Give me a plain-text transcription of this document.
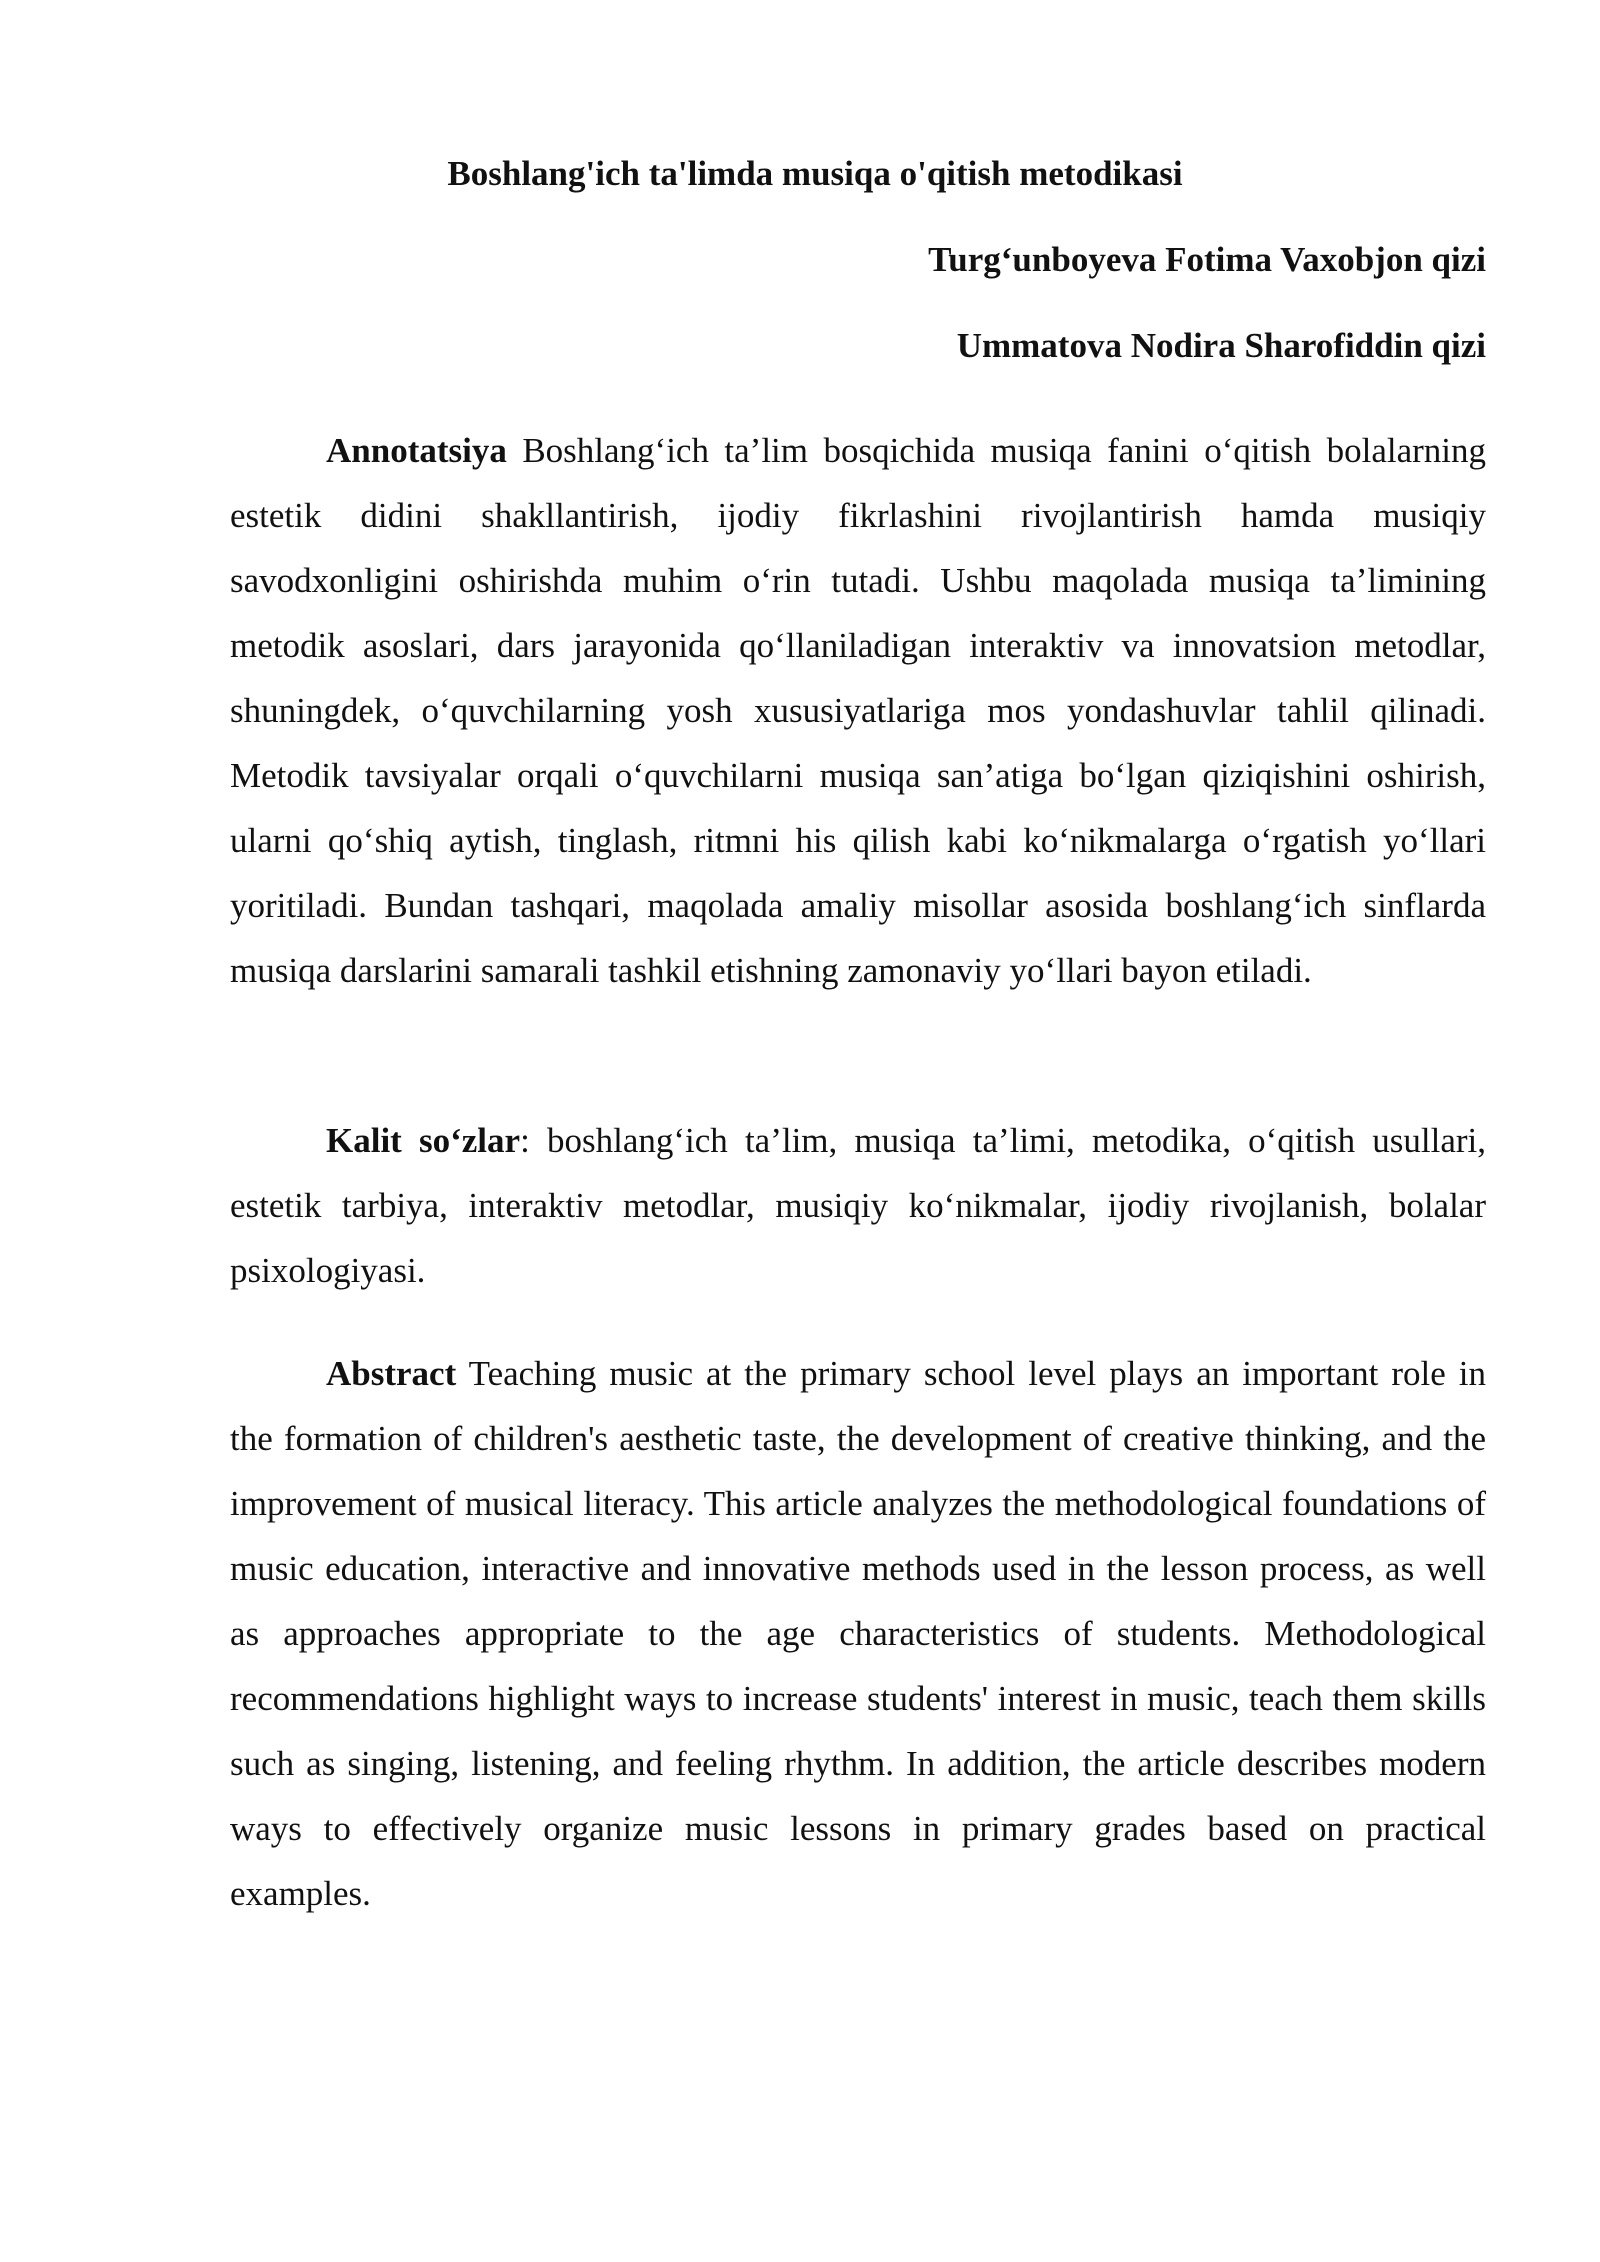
Boshlang'ich ta'limda musiqa o'qitish metodikasi

Turg‘unboyeva Fotima Vaxobjon qizi

Ummatova Nodira Sharofiddin qizi

Annotatsiya Boshlang‘ich ta’lim bosqichida musiqa fanini o‘qitish bolalarning estetik didini shakllantirish, ijodiy fikrlashini rivojlantirish hamda musiqiy savodxonligini oshirishda muhim o‘rin tutadi. Ushbu maqolada musiqa ta’limining metodik asoslari, dars jarayonida qo‘llaniladigan interaktiv va innovatsion metodlar, shuningdek, o‘quvchilarning yosh xususiyatlariga mos yondashuvlar tahlil qilinadi. Metodik tavsiyalar orqali o‘quvchilarni musiqa san’atiga bo‘lgan qiziqishini oshirish, ularni qo‘shiq aytish, tinglash, ritmni his qilish kabi ko‘nikmalarga o‘rgatish yo‘llari yoritiladi. Bundan tashqari, maqolada amaliy misollar asosida boshlang‘ich sinflarda musiqa darslarini samarali tashkil etishning zamonaviy yo‘llari bayon etiladi.

Kalit so‘zlar: boshlang‘ich ta’lim, musiqa ta’limi, metodika, o‘qitish usullari, estetik tarbiya, interaktiv metodlar, musiqiy ko‘nikmalar, ijodiy rivojlanish, bolalar psixologiyasi.

Abstract Teaching music at the primary school level plays an important role in the formation of children's aesthetic taste, the development of creative thinking, and the improvement of musical literacy. This article analyzes the methodological foundations of music education, interactive and innovative methods used in the lesson process, as well as approaches appropriate to the age characteristics of students. Methodological recommendations highlight ways to increase students' interest in music, teach them skills such as singing, listening, and feeling rhythm. In addition, the article describes modern ways to effectively organize music lessons in primary grades based on practical examples.
